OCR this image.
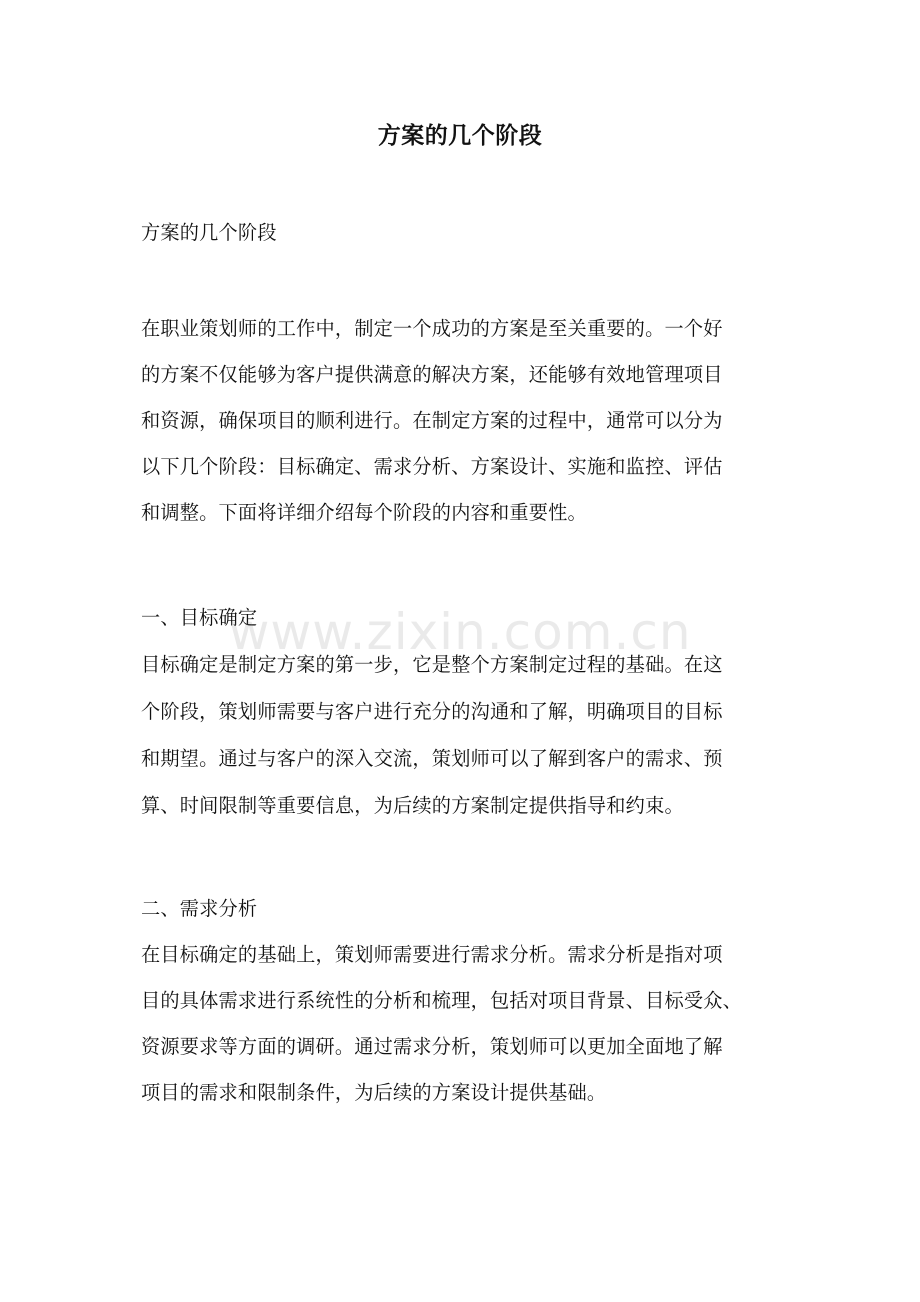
方案的几个阶段
方案的几个阶段
在职业策划师的工作中，制定一个成功的方案是至关重要的。一个好
的方案不仅能够为客户提供满意的解决方案，还能够有效地管理项目
和资源，确保项目的顺利进行。在制定方案的过程中，通常可以分为
以下几个阶段：目标确定、需求分析、方案设计、实施和监控、评估
和调整。下面将详细介绍每个阶段的内容和重要性。
一、目标确定
目标确定是制定方案的第一步，它是整个方案制定过程的基础。在这
个阶段，策划师需要与客户进行充分的沟通和了解，明确项目的目标
和期望。通过与客户的深入交流，策划师可以了解到客户的需求、预
算、时间限制等重要信息，为后续的方案制定提供指导和约束。
二、需求分析
在目标确定的基础上，策划师需要进行需求分析。需求分析是指对项
目的具体需求进行系统性的分析和梳理，包括对项目背景、目标受众、
资源要求等方面的调研。通过需求分析，策划师可以更加全面地了解
项目的需求和限制条件，为后续的方案设计提供基础。
www.zixin.com.cn
